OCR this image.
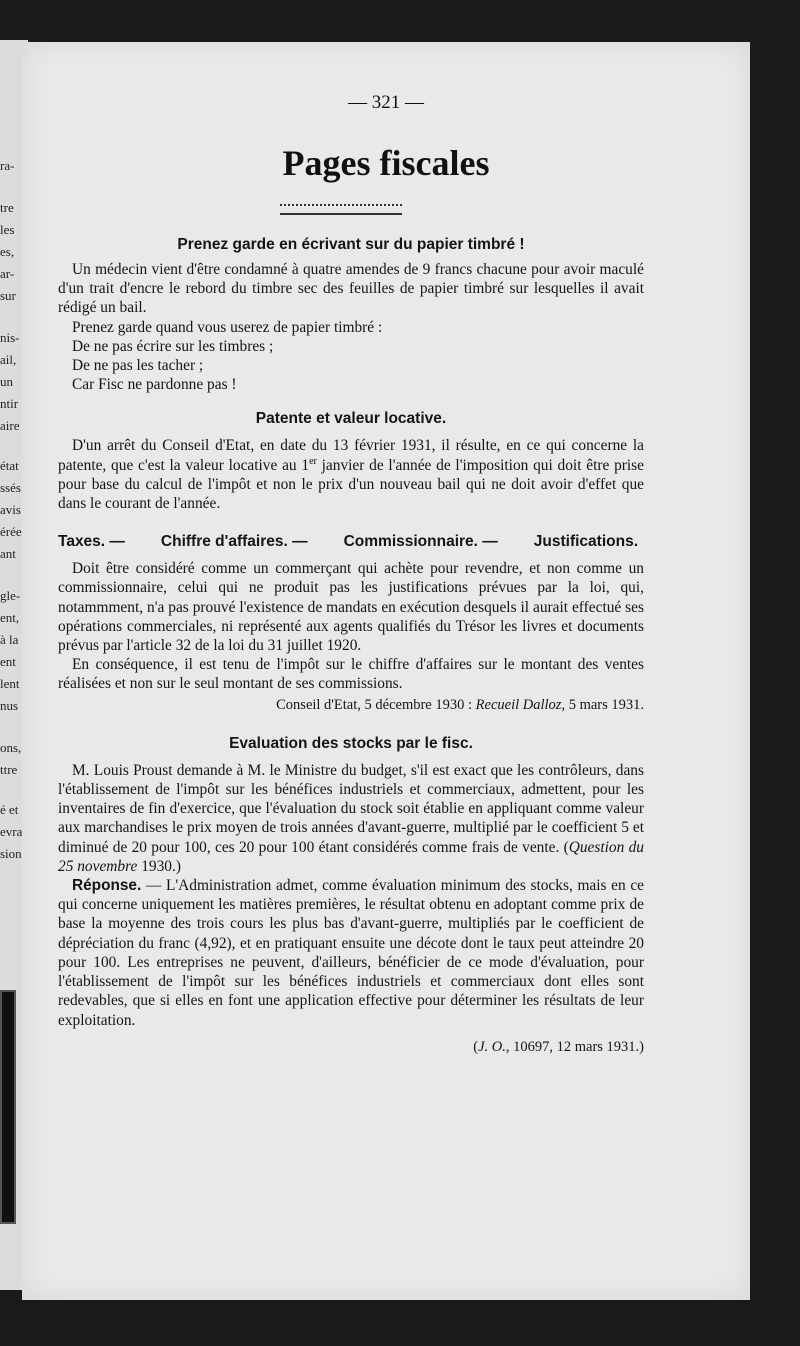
ra-
tre
les
es,
ar-
sur
nis-
ail,
un
ntir
aire
état
ssés
avis
érée
ant
gle-
ent,
à la
ent
lent
nus
ons,
ttre
é et
evra
sion
— 321 —
Pages fiscales

Prenez garde en écrivant sur du papier timbré !

Un médecin vient d'être condamné à quatre amendes de 9 francs chacune pour avoir maculé d'un trait d'encre le rebord du timbre sec des feuilles de papier timbré sur lesquelles il avait rédigé un bail.

Prenez garde quand vous userez de papier timbré :

De ne pas écrire sur les timbres ;

De ne pas les tacher ;

Car Fisc ne pardonne pas !

Patente et valeur locative.

D'un arrêt du Conseil d'Etat, en date du 13 février 1931, il résulte, en ce qui concerne la patente, que c'est la valeur locative au 1er janvier de l'année de l'imposition qui doit être prise pour base du calcul de l'impôt et non le prix d'un nouveau bail qui ne doit avoir d'effet que dans le courant de l'année.

Taxes. — Chiffre d'affaires. — Commissionnaire. — Justifications.

Doit être considéré comme un commerçant qui achète pour revendre, et non comme un commissionnaire, celui qui ne produit pas les justifications prévues par la loi, qui, notammment, n'a pas prouvé l'existence de mandats en exécution desquels il aurait effectué ses opérations commerciales, ni représenté aux agents qualifiés du Trésor les livres et documents prévus par l'article 32 de la loi du 31 juillet 1920.

En conséquence, il est tenu de l'impôt sur le chiffre d'affaires sur le montant des ventes réalisées et non sur le seul montant de ses commissions.

Conseil d'Etat, 5 décembre 1930 : Recueil Dalloz, 5 mars 1931.

Evaluation des stocks par le fisc.

M. Louis Proust demande à M. le Ministre du budget, s'il est exact que les contrôleurs, dans l'établissement de l'impôt sur les bénéfices industriels et commerciaux, admettent, pour les inventaires de fin d'exercice, que l'évaluation du stock soit établie en appliquant comme valeur aux marchandises le prix moyen de trois années d'avant-guerre, multiplié par le coefficient 5 et diminué de 20 pour 100, ces 20 pour 100 étant considérés comme frais de vente. (Question du 25 novembre 1930.)

Réponse. — L'Administration admet, comme évaluation minimum des stocks, mais en ce qui concerne uniquement les matières premières, le résultat obtenu en adoptant comme prix de base la moyenne des trois cours les plus bas d'avant-guerre, multipliés par le coefficient de dépréciation du franc (4,92), et en pratiquant ensuite une décote dont le taux peut atteindre 20 pour 100. Les entreprises ne peuvent, d'ailleurs, bénéficier de ce mode d'évaluation, pour l'établissement de l'impôt sur les bénéfices industriels et commerciaux dont elles sont redevables, que si elles en font une application effective pour déterminer les résultats de leur exploitation.

(J. O., 10697, 12 mars 1931.)
